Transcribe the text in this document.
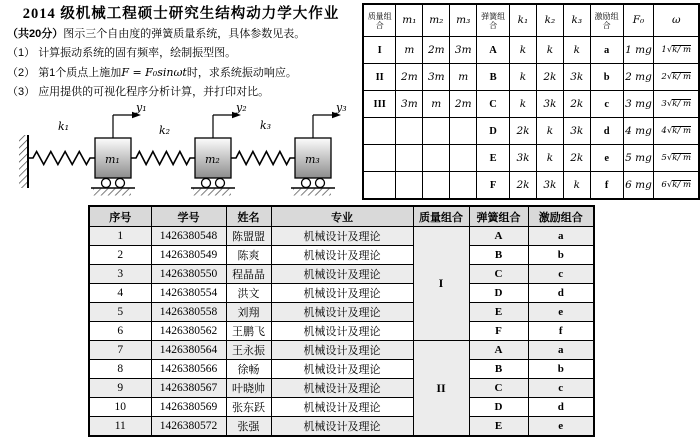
2014 级机械工程硕士研究生结构动力学大作业

（共20分）图示三个自由度的弹簧质量系统，具体参数见表。

（1） 计算振动系统的固有频率，绘制振型图。

（2） 第1个质点上施加F = F₀sinωt时，求系统振动响应。

（3） 应用提供的可视化程序分析计算，并打印对比。

k₁	k₂	k₃
y₁
m₁
y₂
m₂
y₃
m₃
质量组合	m₁	m₂	m₃	弹簧组合	k₁	k₂	k₃	激励组合	F₀	ω
I	m	2m	3m	A	k	k	k	a	1 mg	1√k/ m
II	2m	3m	m	B	k	2k	3k	b	2 mg	2√k/ m
III	3m	m	2m	C	k	3k	2k	c	3 mg	3√k/ m
				D	2k	k	3k	d	4 mg	4√k/ m
				E	3k	k	2k	e	5 mg	5√k/ m
				F	2k	3k	k	f	6 mg	6√k/ m
序号	学号	姓名	专业	质量组合	弹簧组合	激励组合
1	1426380548	陈盟盟	机械设计及理论	I	A	a
2	1426380549	陈爽	机械设计及理论		B	b
3	1426380550	程晶晶	机械设计及理论		C	c
4	1426380554	洪文	机械设计及理论		D	d
5	1426380558	刘翔	机械设计及理论		E	e
6	1426380562	王鹏飞	机械设计及理论		F	f
7	1426380564	王永振	机械设计及理论	II	A	a
8	1426380566	徐畅	机械设计及理论		B	b
9	1426380567	叶晓帅	机械设计及理论		C	c
10	1426380569	张东跃	机械设计及理论		D	d
11	1426380572	张强	机械设计及理论		E	e
